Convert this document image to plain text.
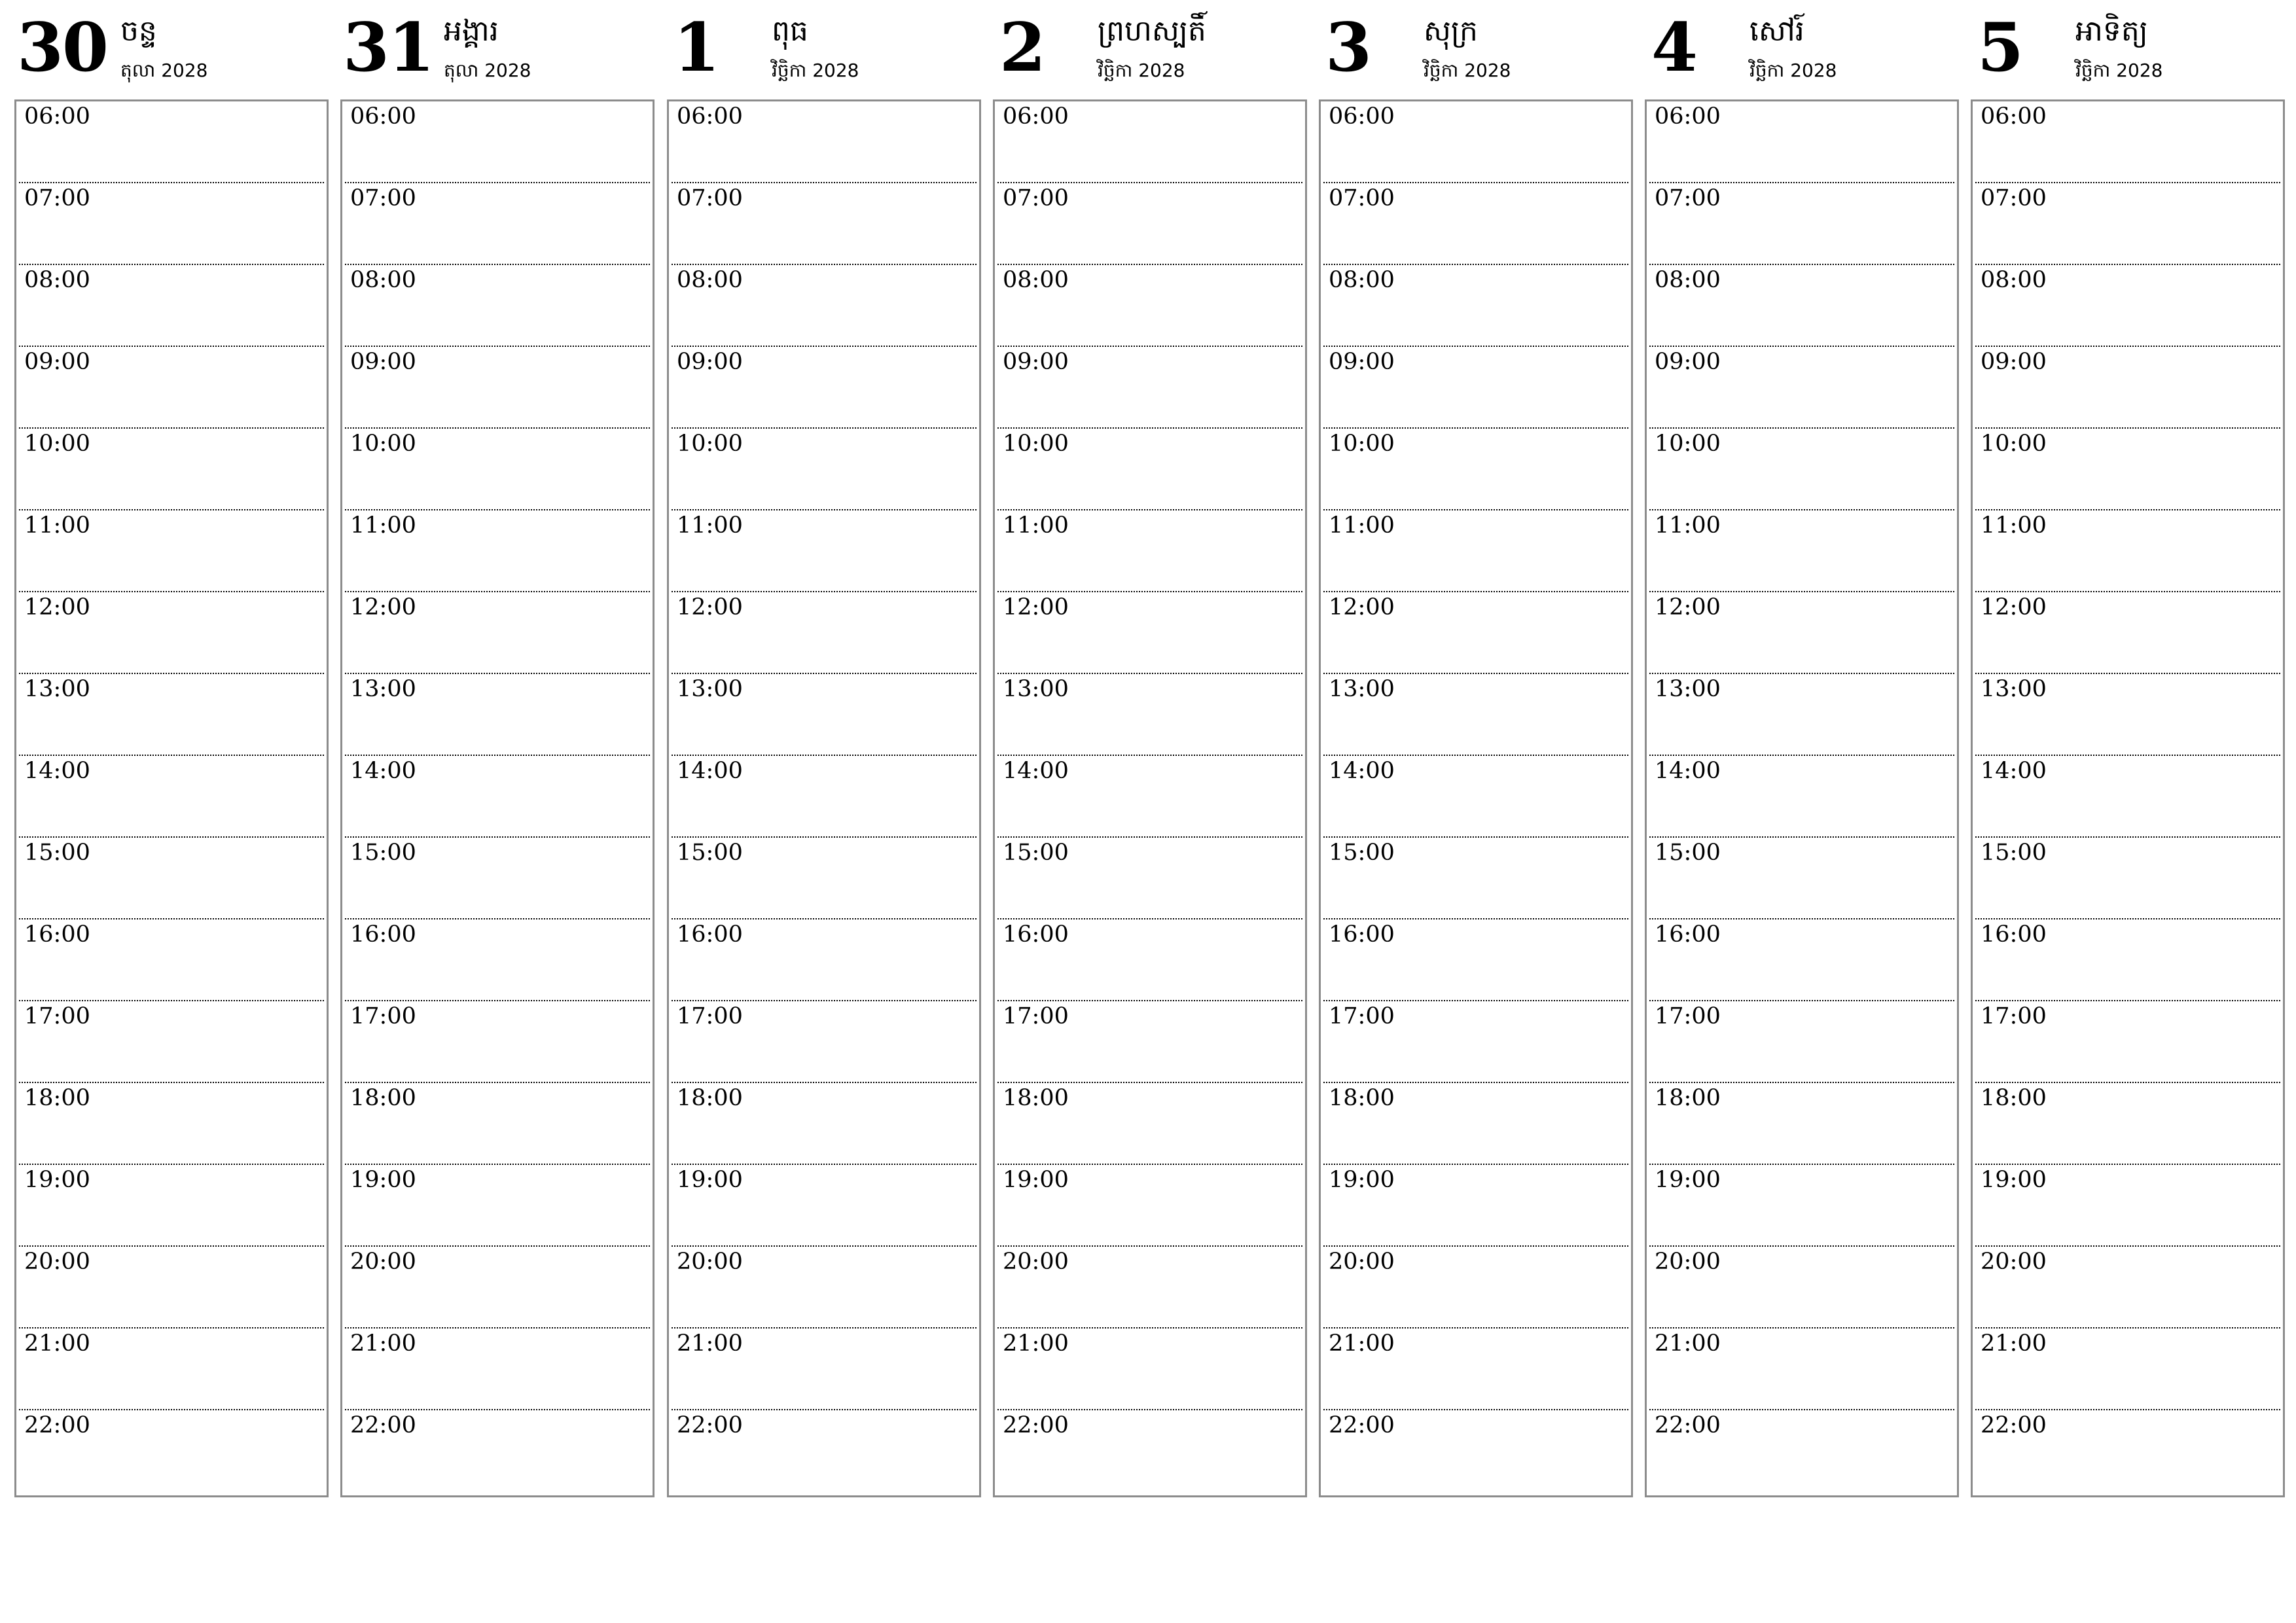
30 ចន្ទ
តុលា 2028
06:00
07:00
08:00
09:00
10:00
11:00
12:00
13:00
14:00
15:00
16:00
17:00
18:00
19:00
20:00
21:00
22:00
31 អង្គារ
តុលា 2028
06:00
07:00
08:00
09:00
10:00
11:00
12:00
13:00
14:00
15:00
16:00
17:00
18:00
19:00
20:00
21:00
22:00
1 ពុធ
វិច្ឆិកា 2028
06:00
07:00
08:00
09:00
10:00
11:00
12:00
13:00
14:00
15:00
16:00
17:00
18:00
19:00
20:00
21:00
22:00
2 ព្រហស្បតិ៍
វិច្ឆិកា 2028
06:00
07:00
08:00
09:00
10:00
11:00
12:00
13:00
14:00
15:00
16:00
17:00
18:00
19:00
20:00
21:00
22:00
3 សុក្រ
វិច្ឆិកា 2028
06:00
07:00
08:00
09:00
10:00
11:00
12:00
13:00
14:00
15:00
16:00
17:00
18:00
19:00
20:00
21:00
22:00
4 សៅរ៍
វិច្ឆិកា 2028
06:00
07:00
08:00
09:00
10:00
11:00
12:00
13:00
14:00
15:00
16:00
17:00
18:00
19:00
20:00
21:00
22:00
5 អាទិត្យ
វិច្ឆិកា 2028
06:00
07:00
08:00
09:00
10:00
11:00
12:00
13:00
14:00
15:00
16:00
17:00
18:00
19:00
20:00
21:00
22:00
